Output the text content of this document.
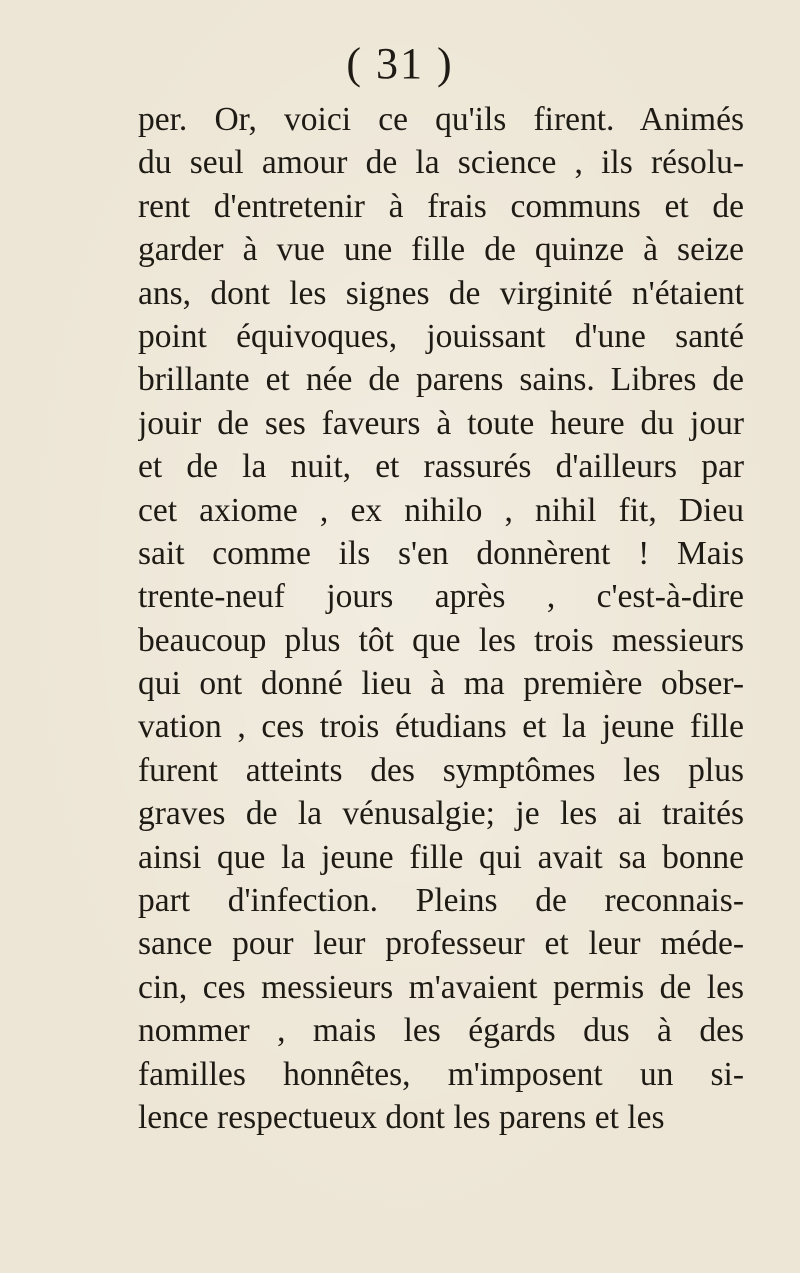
( 31 )
per. Or, voici ce qu'ils firent. Animés
du seul amour de la science , ils résolu-
rent d'entretenir à frais communs et de
garder à vue une fille de quinze à seize
ans, dont les signes de virginité n'étaient
point équivoques, jouissant d'une santé
brillante et née de parens sains. Libres de
jouir de ses faveurs à toute heure du jour
et de la nuit, et rassurés d'ailleurs par
cet axiome , ex nihilo , nihil fit, Dieu
sait comme ils s'en donnèrent ! Mais
trente-neuf jours après , c'est-à-dire
beaucoup plus tôt que les trois messieurs
qui ont donné lieu à ma première obser-
vation , ces trois étudians et la jeune fille
furent atteints des symptômes les plus
graves de la vénusalgie; je les ai traités
ainsi que la jeune fille qui avait sa bonne
part d'infection. Pleins de reconnais-
sance pour leur professeur et leur méde-
cin, ces messieurs m'avaient permis de les
nommer , mais les égards dus à des
familles honnêtes, m'imposent un si-
lence respectueux dont les parens et les
